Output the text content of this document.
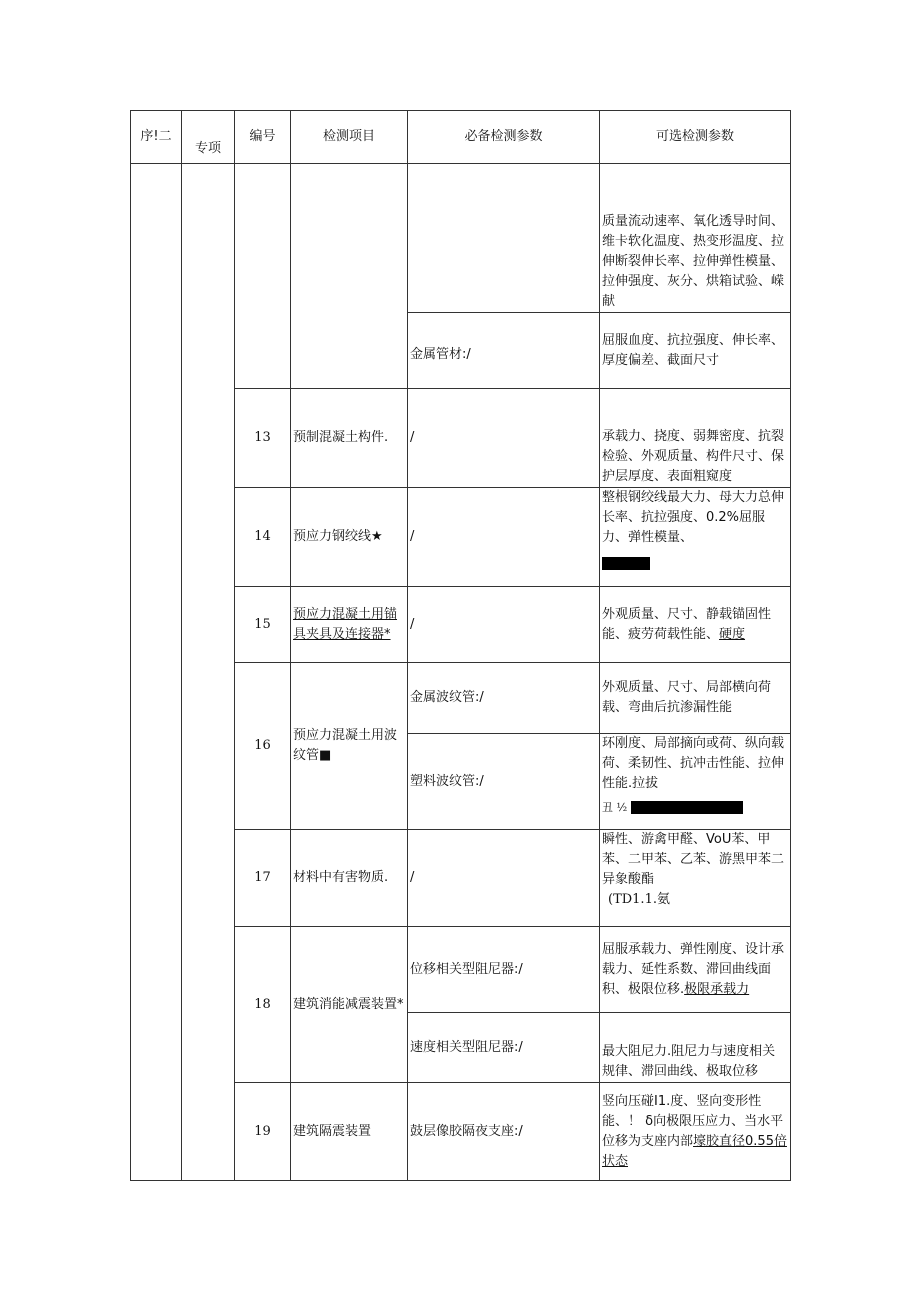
序!二	专项	编号	检测项目	必备检测参数	可选检测参数
					质量流动速率、氧化透导时间、维卡软化温度、热变形温度、拉伸断裂伸长率、拉伸弹性模量、拉伸强度、灰分、烘箱试验、嵘献
				金属管材:/	屈服血度、抗拉强度、伸长率、厚度偏差、截面尺寸
		13	预制混凝土构件.	/	承载力、挠度、弱舞密度、抗裂检验、外观质量、构件尺寸、保护层厚度、表面粗窥度
		14	预应力钢绞线★	/	整根钢绞线最大力、母大力总伸长率、抗拉强度、0.2%屈服力、弹性模量、

		15	预应力混凝土用锚具夹具及连接器*	/	外观质量、尺寸、静载锚固性能、疲劳荷载性能、硬度
		16	预应力混凝土用波纹管■	金属波纹管:/	外观质量、尺寸、局部横向荷载、弯曲后抗渗漏性能
				塑料波纹管:/	环刚度、局部摘向或荷、纵向载荷、柔韧性、抗冲击性能、拉伸性能.拉拔
丑 ½

		17	材料中有害物质.	/	瞬性、游禽甲醛、VoU苯、甲苯、二甲苯、乙苯、游黑甲苯二异象酸酯
(TD1.1.氨

		18	建筑消能减震装置*	位移相关型阻尼器:/	屈服承载力、弹性刚度、设计承载力、延性系数、滞回曲线面积、极限位移.极限承载力
				速度相关型阻尼器:/	最大阻尼力.阻尼力与速度相关规律、滞回曲线、极取位移
		19	建筑隔震装置	鼓层像胶隔夜支座:/	竖向压碰I1.度、竖向变形性能、！ δ向极限压应力、当水平位移为支座内部壕胶直径0.55倍状态
